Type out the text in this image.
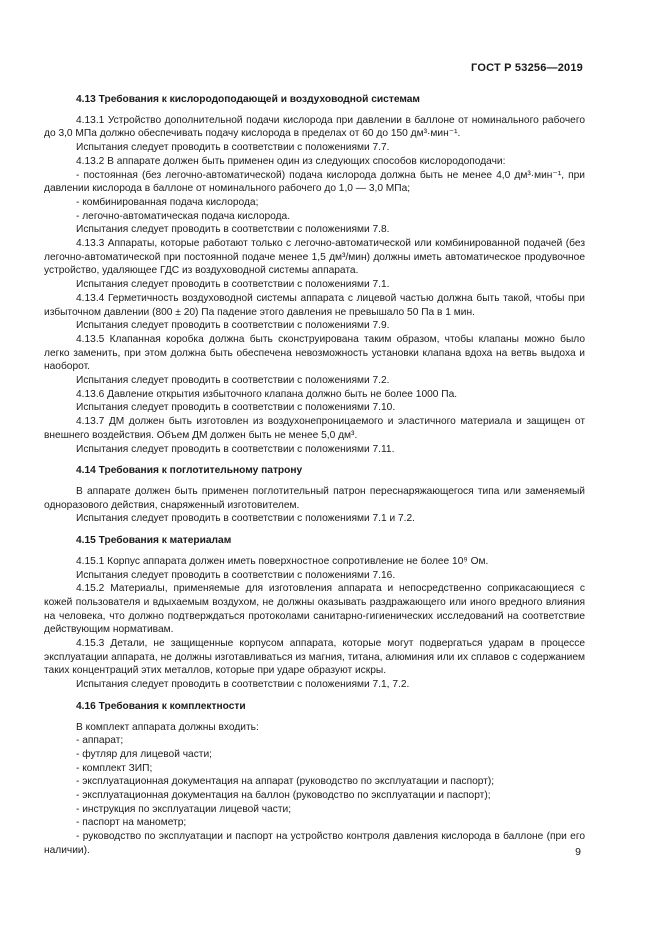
ГОСТ Р 53256—2019
4.13 Требования к кислородоподающей и воздуховодной системам

4.13.1 Устройство дополнительной подачи кислорода при давлении в баллоне от номинального рабочего до 3,0 МПа должно обеспечивать подачу кислорода в пределах от 60 до 150 дм³·мин⁻¹.

Испытания следует проводить в соответствии с положениями 7.7.

4.13.2 В аппарате должен быть применен один из следующих способов кислородоподачи:

- постоянная (без легочно-автоматической) подача кислорода должна быть не менее 4,0 дм³·мин⁻¹, при давлении кислорода в баллоне от номинального рабочего до 1,0 — 3,0 МПа;

- комбинированная подача кислорода;

- легочно-автоматическая подача кислорода.

Испытания следует проводить в соответствии с положениями 7.8.

4.13.3 Аппараты, которые работают только с легочно-автоматической или комбинированной подачей (без легочно-автоматической при постоянной подаче менее 1,5 дм³/мин) должны иметь автоматическое продувочное устройство, удаляющее ГДС из воздуховодной системы аппарата.

Испытания следует проводить в соответствии с положениями 7.1.

4.13.4 Герметичность воздуховодной системы аппарата с лицевой частью должна быть такой, чтобы при избыточном давлении (800 ± 20) Па падение этого давления не превышало 50 Па в 1 мин.

Испытания следует проводить в соответствии с положениями 7.9.

4.13.5 Клапанная коробка должна быть сконструирована таким образом, чтобы клапаны можно было легко заменить, при этом должна быть обеспечена невозможность установки клапана вдоха на ветвь выдоха и наоборот.

Испытания следует проводить в соответствии с положениями 7.2.

4.13.6 Давление открытия избыточного клапана должно быть не более 1000 Па.

Испытания следует проводить в соответствии с положениями 7.10.

4.13.7 ДМ должен быть изготовлен из воздухонепроницаемого и эластичного материала и защищен от внешнего воздействия. Объем ДМ должен быть не менее 5,0 дм³.

Испытания следует проводить в соответствии с положениями 7.11.

4.14 Требования к поглотительному патрону

В аппарате должен быть применен поглотительный патрон переснаряжающегося типа или заменяемый одноразового действия, снаряженный изготовителем.

Испытания следует проводить в соответствии с положениями 7.1 и 7.2.

4.15 Требования к материалам

4.15.1 Корпус аппарата должен иметь поверхностное сопротивление не более 10⁹ Ом.

Испытания следует проводить в соответствии с положениями 7.16.

4.15.2 Материалы, применяемые для изготовления аппарата и непосредственно соприкасающиеся с кожей пользователя и вдыхаемым воздухом, не должны оказывать раздражающего или иного вредного влияния на человека, что должно подтверждаться протоколами санитарно-гигиенических исследований на соответствие действующим нормативам.

4.15.3 Детали, не защищенные корпусом аппарата, которые могут подвергаться ударам в процессе эксплуатации аппарата, не должны изготавливаться из магния, титана, алюминия или их сплавов с содержанием таких концентраций этих металлов, которые при ударе образуют искры.

Испытания следует проводить в соответствии с положениями 7.1, 7.2.

4.16 Требования к комплектности

В комплект аппарата должны входить:

- аппарат;

- футляр для лицевой части;

- комплект ЗИП;

- эксплуатационная документация на аппарат (руководство по эксплуатации и паспорт);

- эксплуатационная документация на баллон (руководство по эксплуатации и паспорт);

- инструкция по эксплуатации лицевой части;

- паспорт на манометр;

- руководство по эксплуатации и паспорт на устройство контроля давления кислорода в баллоне (при его наличии).	9
